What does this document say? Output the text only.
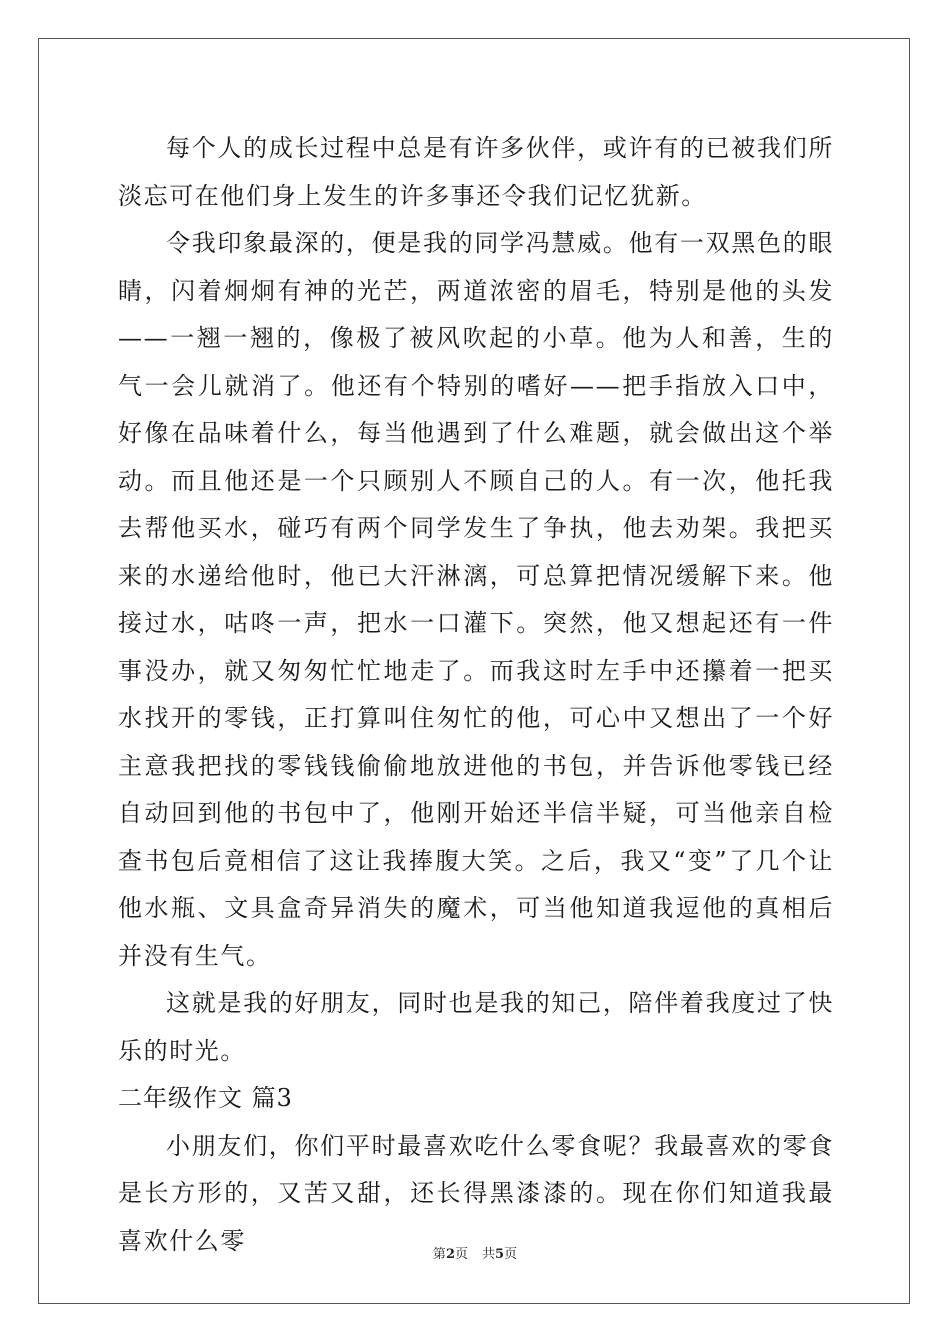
每个人的成长过程中总是有许多伙伴，或许有的已被我们所淡忘可在他们身上发生的许多事还令我们记忆犹新。

令我印象最深的，便是我的同学冯慧威。他有一双黑色的眼睛，闪着炯炯有神的光芒，两道浓密的眉毛，特别是他的头发——一翘一翘的，像极了被风吹起的小草。他为人和善，生的气一会儿就消了。他还有个特别的嗜好——把手指放入口中，好像在品味着什么，每当他遇到了什么难题，就会做出这个举动。而且他还是一个只顾别人不顾自己的人。有一次，他托我去帮他买水，碰巧有两个同学发生了争执，他去劝架。我把买来的水递给他时，他已大汗淋漓，可总算把情况缓解下来。他接过水，咕咚一声，把水一口灌下。突然，他又想起还有一件事没办，就又匆匆忙忙地走了。而我这时左手中还攥着一把买水找开的零钱，正打算叫住匆忙的他，可心中又想出了一个好主意我把找的零钱钱偷偷地放进他的书包，并告诉他零钱已经自动回到他的书包中了，他刚开始还半信半疑，可当他亲自检查书包后竟相信了这让我捧腹大笑。之后，我又“变”了几个让他水瓶、文具盒奇异消失的魔术，可当他知道我逗他的真相后并没有生气。

这就是我的好朋友，同时也是我的知己，陪伴着我度过了快乐的时光。

二年级作文 篇3

小朋友们，你们平时最喜欢吃什么零食呢？我最喜欢的零食是长方形的，又苦又甜，还长得黑漆漆的。现在你们知道我最喜欢什么零	第2页 共5页
